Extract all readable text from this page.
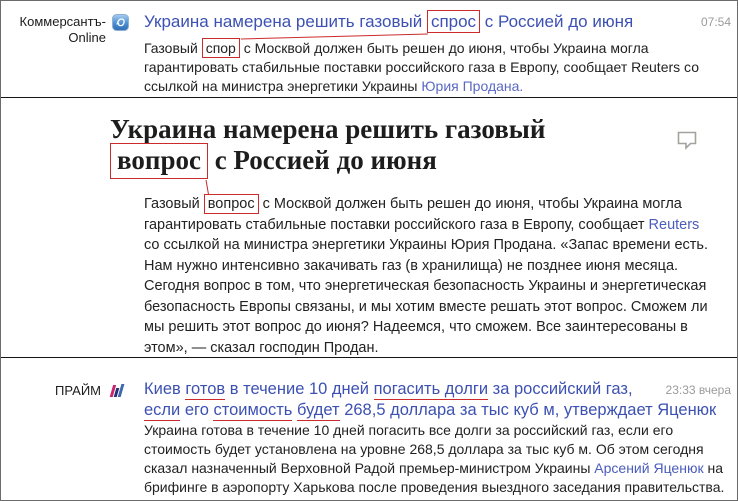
Коммерсантъ-
Online
Украина намерена решить газовый спрос с Россией до июня	07:54
Газовый спор с Москвой должен быть решен до июня, чтобы Украина могла гарантировать стабильные поставки российского газа в Европу, сообщает Reuters со ссылкой на министра энергетики Украины Юрия Продана.
Украина намерена решить газовый вопрос с Россией до июня
Газовый вопрос с Москвой должен быть решен до июня, чтобы Украина могла гарантировать стабильные поставки российского газа в Европу, сообщает Reuters со ссылкой на министра энергетики Украины Юрия Продана. «Запас времени есть. Нам нужно интенсивно закачивать газ (в хранилища) не позднее июня месяца. Сегодня вопрос в том, что энергетическая безопасность Украины и энергетическая безопасность Европы связаны, и мы хотим вместе решать этот вопрос. Сможем ли мы решить этот вопрос до июня? Надеемся, что сможем. Все заинтересованы в этом», — сказал господин Продан.
ПРАЙМ	Киев готов в течение 10 дней погасить долги за российский газ,
если его стоимость будет 268,5 доллара за тыс куб м, утверждает Яценюк
23:33 вчера
Украина готова в течение 10 дней погасить все долги за российский газ, если его стоимость будет установлена на уровне 268,5 доллара за тыс куб м. Об этом сегодня сказал назначенный Верховной Радой премьер-министром Украины Арсений Яценюк на брифинге в аэропорту Харькова после проведения выездного заседания правительства.
